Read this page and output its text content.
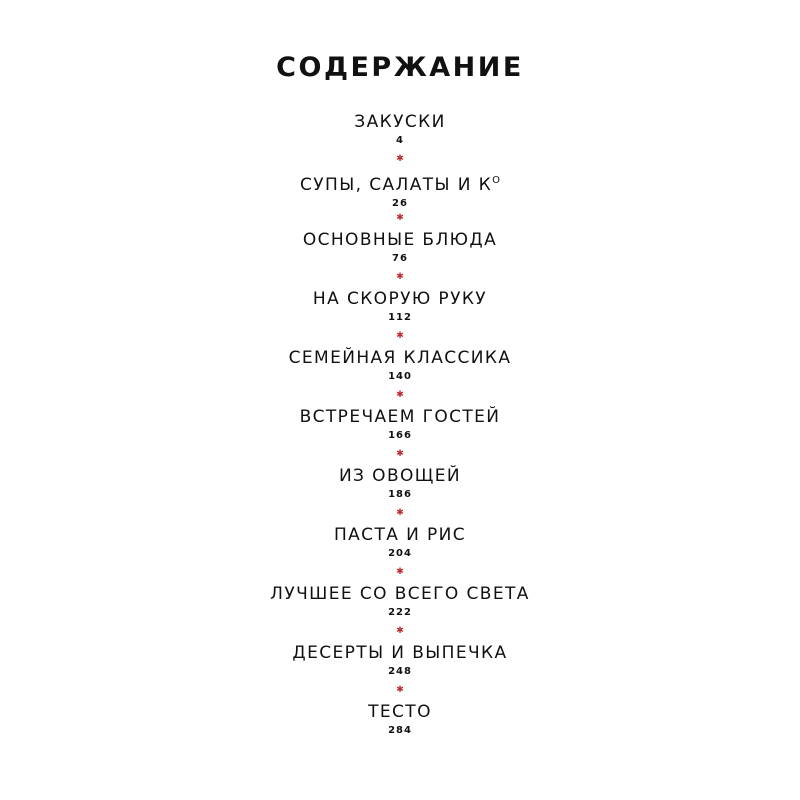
СОДЕРЖАНИЕ
ЗАКУСКИ
4
✱
СУПЫ, САЛАТЫ И $К^О$
26
✱
ОСНОВНЫЕ БЛЮДА
76
✱
НА СКОРУЮ РУКУ
112
✱
СЕМЕЙНАЯ КЛАССИКА
140
✱
ВСТРЕЧАЕМ ГОСТЕЙ
166
✱
ИЗ ОВОЩЕЙ
186
✱
ПАСТА И РИС
204
✱
ЛУЧШЕЕ СО ВСЕГО СВЕТА
222
✱
ДЕСЕРТЫ И ВЫПЕЧКА
248
✱
ТЕСТО
284
